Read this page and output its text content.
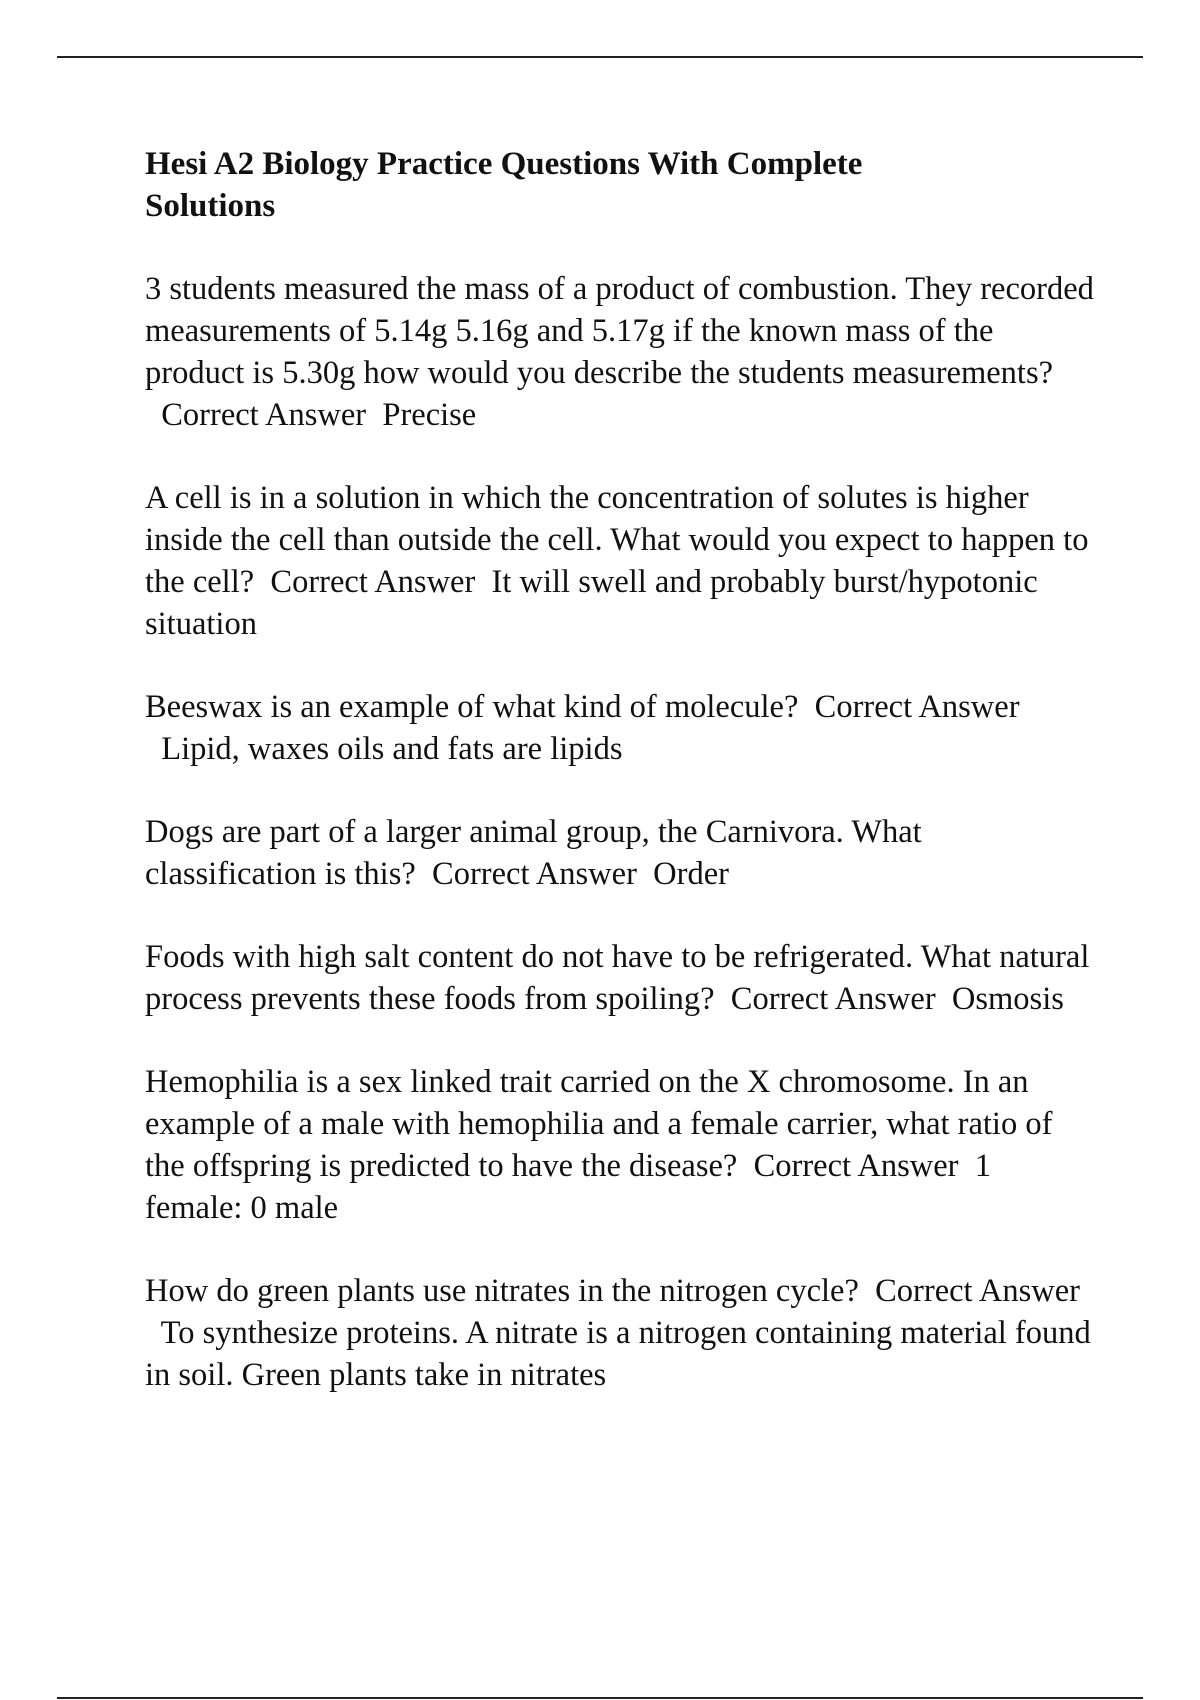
Hesi A2 Biology Practice Questions With Complete Solutions
3 students measured the mass of a product of combustion. They recorded measurements of 5.14g 5.16g and 5.17g if the known mass of the product is 5.30g how would you describe the students measurements?  Correct Answer Precise
A cell is in a solution in which the concentration of solutes is higher inside the cell than outside the cell. What would you expect to happen to the cell? Correct Answer It will swell and probably burst/hypotonic situation
Beeswax is an example of what kind of molecule? Correct Answer  Lipid, waxes oils and fats are lipids
Dogs are part of a larger animal group, the Carnivora. What classification is this? Correct Answer Order
Foods with high salt content do not have to be refrigerated. What natural process prevents these foods from spoiling? Correct Answer Osmosis
Hemophilia is a sex linked trait carried on the X chromosome. In an example of a male with hemophilia and a female carrier, what ratio of the offspring is predicted to have the disease? Correct Answer 1 female: 0 male
How do green plants use nitrates in the nitrogen cycle? Correct Answer  To synthesize proteins. A nitrate is a nitrogen containing material found in soil. Green plants take in nitrates
